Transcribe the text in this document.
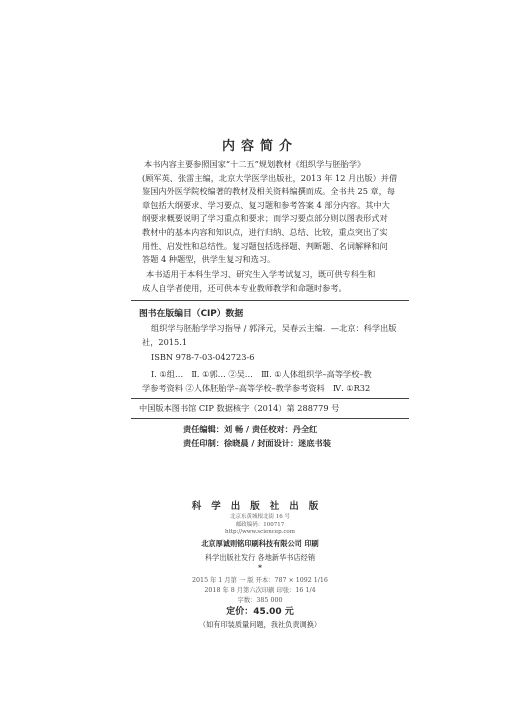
内容简介
本书内容主要参照国家“十二五”规划教材《组织学与胚胎学》
(顾军英、张雷主编，北京大学医学出版社，2013 年 12 月出版）并借
鉴国内外医学院校编著的教材及相关资料编撰而成。全书共 25 章，每
章包括大纲要求、学习要点、复习题和参考答案 4 部分内容。其中大
纲要求概要说明了学习重点和要求；而学习要点部分则以图表形式对
教材中的基本内容和知识点，进行归纳、总结、比较，重点突出了实
用性、启发性和总结性。复习题包括选择题、判断题、名词解释和问
答题 4 种题型，供学生复习和选习。
本书适用于本科生学习、研究生入学考试复习，既可供专科生和
成人自学者使用，还可供本专业教师教学和命题时参考。
图书在版编目（CIP）数据
组织学与胚胎学学习指导 / 郭泽元，吴春云主编．—北京：科学出版
社，2015.1
ISBN 978-7-03-042723-6
Ⅰ. ①组…　Ⅱ. ①郭… ②吴…　Ⅲ. ①人体组织学–高等学校–教
学参考资料 ②人体胚胎学–高等学校–教学参考资料　Ⅳ. ①R32
中国版本图书馆 CIP 数据核字（2014）第 288779 号
责任编辑：刘 畅 / 责任校对：丹全红
责任印制：徐晓晨 / 封面设计：迷底书装
科学出版社出版
北京东黄城根北街 16 号
邮政编码：100717
http://www.sciencep.com
北京厚诚则铭印刷科技有限公司 印刷
科学出版社发行 各地新华书店经销
*
2015 年 1 月第 一 版 开本：787 × 1092 1/16
2018 年 8 月第六次印刷 印张：16 1/4
字数：385 000
定价：45.00 元
（如有印装质量问题，我社负责调换）
